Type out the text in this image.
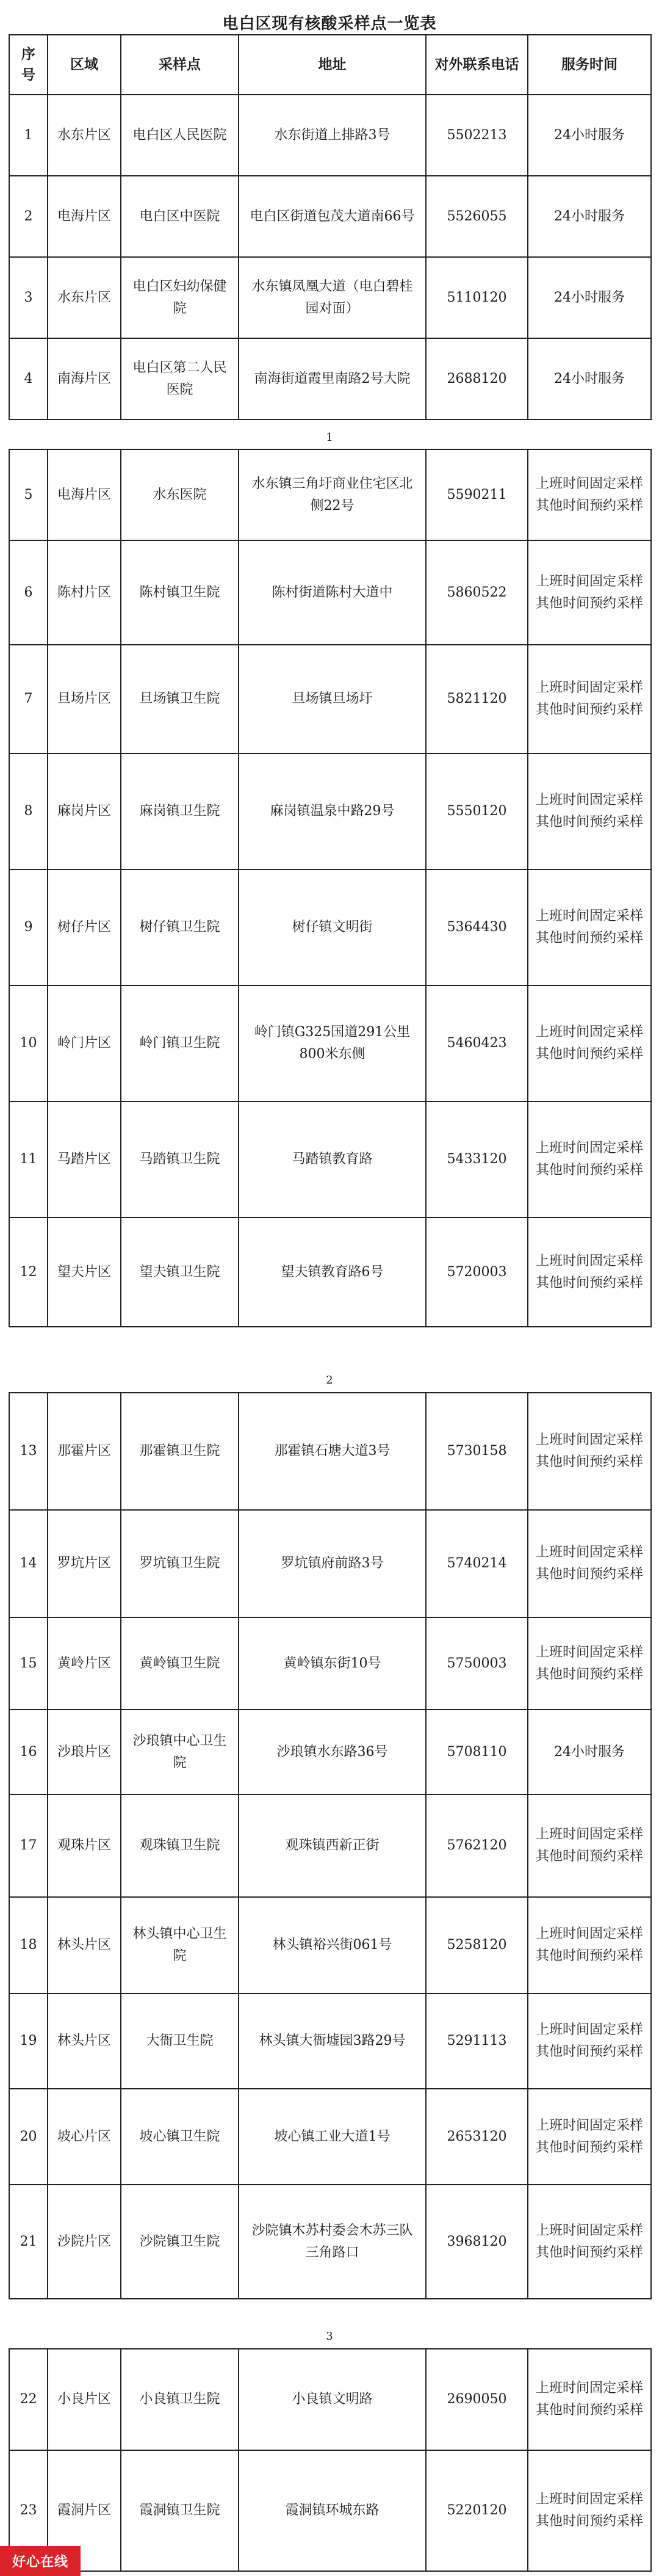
电白区现有核酸采样点一览表
序号	区域	采样点	地址	对外联系电话	服务时间
1	水东片区	电白区人民医院	水东街道上排路3号	5502213	24小时服务
2	电海片区	电白区中医院	电白区街道包茂大道南66号	5526055	24小时服务
3	水东片区	电白区妇幼保健院	水东镇凤凰大道（电白碧桂园对面）	5110120	24小时服务
4	南海片区	电白区第二人民医院	南海街道霞里南路2号大院	2688120	24小时服务
1
5	电海片区	水东医院	水东镇三角圩商业住宅区北侧22号	5590211	上班时间固定采样其他时间预约采样
6	陈村片区	陈村镇卫生院	陈村街道陈村大道中	5860522	上班时间固定采样其他时间预约采样
7	旦场片区	旦场镇卫生院	旦场镇旦场圩	5821120	上班时间固定采样其他时间预约采样
8	麻岗片区	麻岗镇卫生院	麻岗镇温泉中路29号	5550120	上班时间固定采样其他时间预约采样
9	树仔片区	树仔镇卫生院	树仔镇文明街	5364430	上班时间固定采样其他时间预约采样
10	岭门片区	岭门镇卫生院	岭门镇G325国道291公里800米东侧	5460423	上班时间固定采样其他时间预约采样
11	马踏片区	马踏镇卫生院	马踏镇教育路	5433120	上班时间固定采样其他时间预约采样
12	望夫片区	望夫镇卫生院	望夫镇教育路6号	5720003	上班时间固定采样其他时间预约采样
2
13	那霍片区	那霍镇卫生院	那霍镇石塘大道3号	5730158	上班时间固定采样其他时间预约采样
14	罗坑片区	罗坑镇卫生院	罗坑镇府前路3号	5740214	上班时间固定采样其他时间预约采样
15	黄岭片区	黄岭镇卫生院	黄岭镇东街10号	5750003	上班时间固定采样其他时间预约采样
16	沙琅片区	沙琅镇中心卫生院	沙琅镇水东路36号	5708110	24小时服务
17	观珠片区	观珠镇卫生院	观珠镇西新正街	5762120	上班时间固定采样其他时间预约采样
18	林头片区	林头镇中心卫生院	林头镇裕兴街061号	5258120	上班时间固定采样其他时间预约采样
19	林头片区	大衙卫生院	林头镇大衙墟园3路29号	5291113	上班时间固定采样其他时间预约采样
20	坡心片区	坡心镇卫生院	坡心镇工业大道1号	2653120	上班时间固定采样其他时间预约采样
21	沙院片区	沙院镇卫生院	沙院镇木苏村委会木苏三队三角路口	3968120	上班时间固定采样其他时间预约采样
3
22	小良片区	小良镇卫生院	小良镇文明路	2690050	上班时间固定采样其他时间预约采样
23	霞洞片区	霞洞镇卫生院	霞洞镇环城东路	5220120	上班时间固定采样其他时间预约采样
好心在线
